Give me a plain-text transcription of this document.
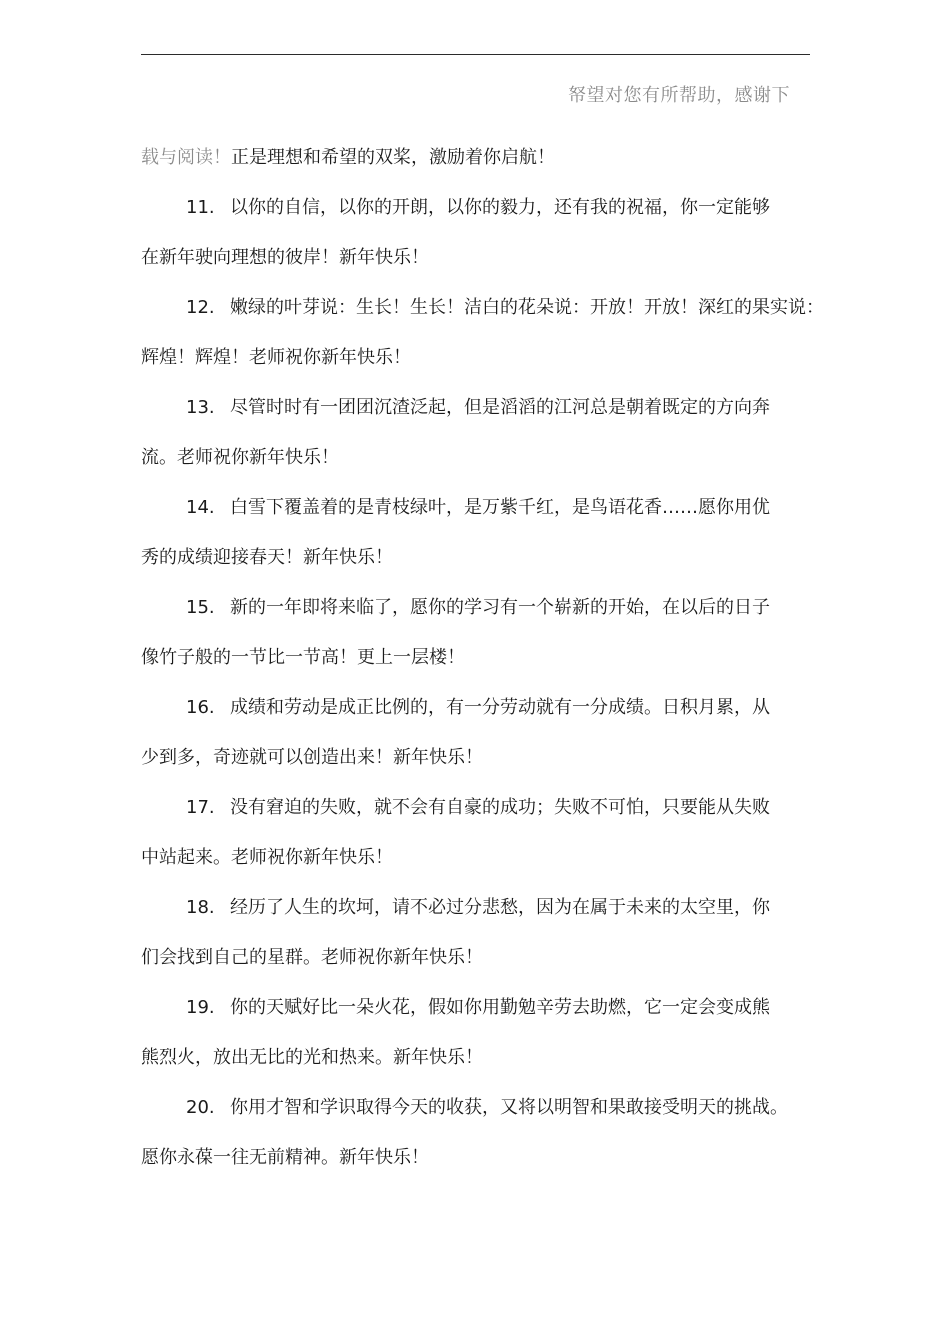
帑望对您有所帮助，感谢下
载与阅读！正是理想和希望的双桨，激励着你启航！
11. 以你的自信，以你的开朗，以你的毅力，还有我的祝福，你一定能够
在新年驶向理想的彼岸！新年快乐！
12. 嫩绿的叶芽说：生长！生长！洁白的花朵说：开放！开放！深红的果实说：
辉煌！辉煌！老师祝你新年快乐！
13. 尽管时时有一团团沉渣泛起，但是滔滔的江河总是朝着既定的方向奔
流。老师祝你新年快乐！
14. 白雪下覆盖着的是青枝绿叶，是万紫千红，是鸟语花香……愿你用优
秀的成绩迎接春天！新年快乐！
15. 新的一年即将来临了，愿你的学习有一个崭新的开始，在以后的日子
像竹子般的一节比一节高！更上一层楼！
16. 成绩和劳动是成正比例的，有一分劳动就有一分成绩。日积月累，从
少到多，奇迹就可以创造出来！新年快乐！
17. 没有窘迫的失败，就不会有自豪的成功；失败不可怕，只要能从失败
中站起来。老师祝你新年快乐！
18. 经历了人生的坎坷，请不必过分悲愁，因为在属于未来的太空里，你
们会找到自己的星群。老师祝你新年快乐！
19. 你的天赋好比一朵火花，假如你用勤勉辛劳去助燃，它一定会变成熊
熊烈火，放出无比的光和热来。新年快乐！
20. 你用才智和学识取得今天的收获，又将以明智和果敢接受明天的挑战。
愿你永葆一往无前精神。新年快乐！
